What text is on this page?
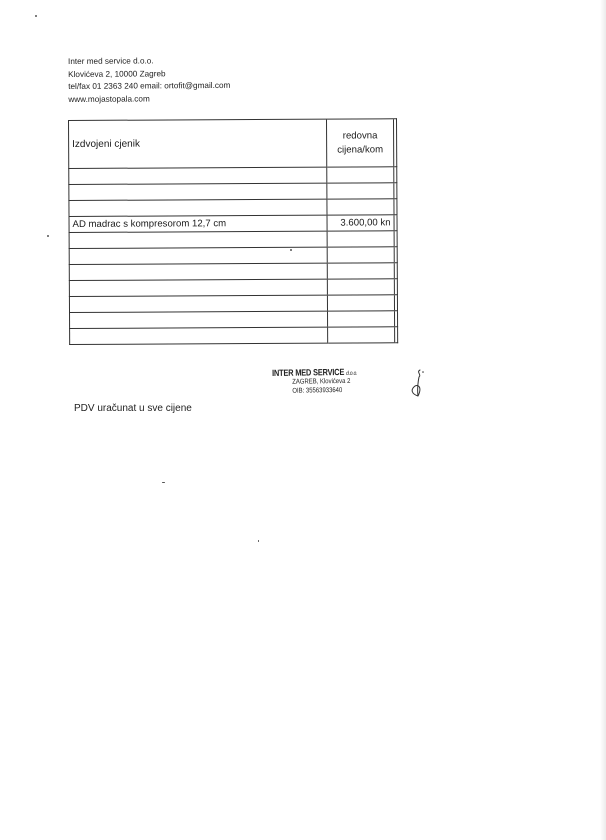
Inter med service d.o.o.
Klovićeva 2, 10000 Zagreb
tel/fax 01 2363 240 email: ortofit@gmail.com
www.mojastopala.com
Izdvojeni cjenik	redovna
cijena/kom	

AD madrac s kompresorom 12,7 cm	3.600,00 kn	

INTER MED SERVICE d.o.o.
ZAGREB, Klovićeva 2
OIB: 35563933640
PDV uračunat u sve cijene
